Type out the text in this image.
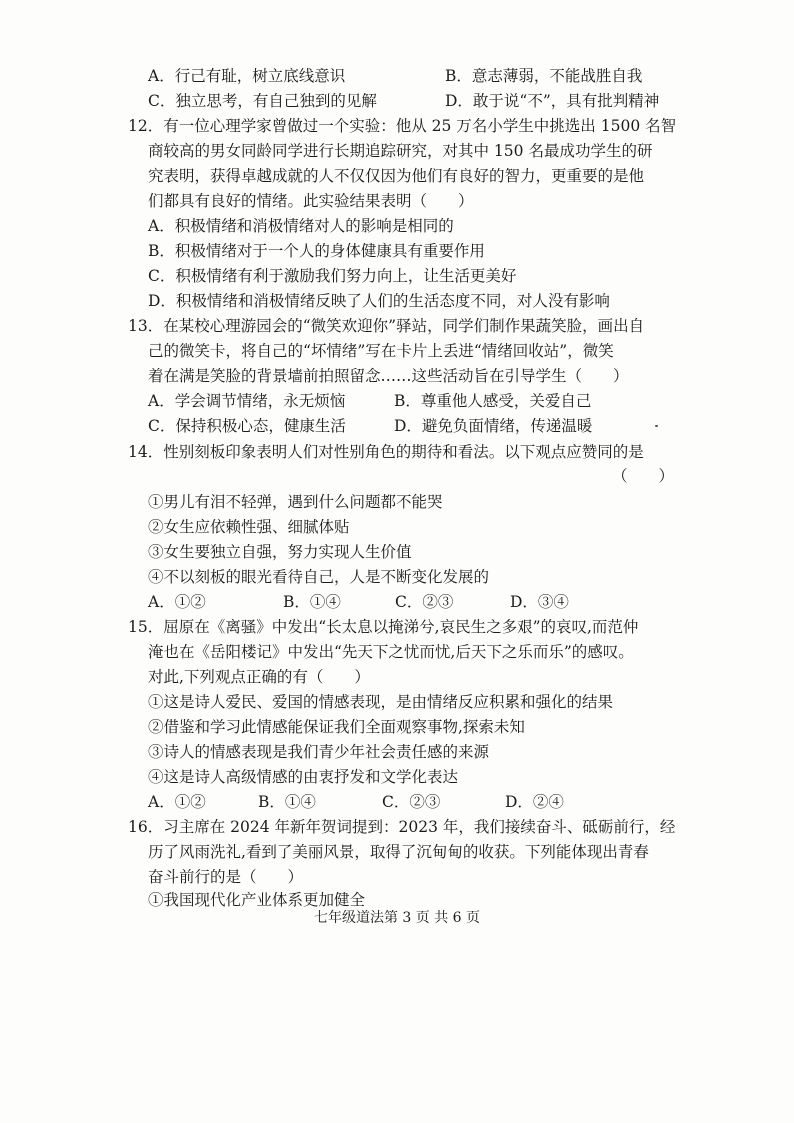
A．行己有耻，树立底线意识	B．意志薄弱，不能战胜自我
C．独立思考，有自己独到的见解	D．敢于说“不”，具有批判精神
12．有一位心理学家曾做过一个实验：他从 25 万名小学生中挑选出 1500 名智
商较高的男女同龄同学进行长期追踪研究，对其中 150 名最成功学生的研
究表明，获得卓越成就的人不仅仅因为他们有良好的智力，更重要的是他
们都具有良好的情绪。此实验结果表明（　　）
A．积极情绪和消极情绪对人的影响是相同的
B．积极情绪对于一个人的身体健康具有重要作用
C．积极情绪有利于激励我们努力向上，让生活更美好
D．积极情绪和消极情绪反映了人们的生活态度不同，对人没有影响
13．在某校心理游园会的“微笑欢迎你”驿站，同学们制作果蔬笑脸，画出自
己的微笑卡，将自己的“坏情绪”写在卡片上丢进“情绪回收站”，微笑
着在满是笑脸的背景墙前拍照留念……这些活动旨在引导学生（　　）
A．学会调节情绪，永无烦恼	B．尊重他人感受，关爱自己
C．保持积极心态，健康生活	D．避免负面情绪，传递温暖
14．性别刻板印象表明人们对性别角色的期待和看法。以下观点应赞同的是
（　　）
①男儿有泪不轻弹，遇到什么问题都不能哭
②女生应依赖性强、细腻体贴
③女生要独立自强，努力实现人生价值
④不以刻板的眼光看待自己，人是不断变化发展的
A．①②	B．①④	C．②③	D．③④
15．屈原在《离骚》中发出“长太息以掩涕兮,哀民生之多艰”的哀叹,而范仲
淹也在《岳阳楼记》中发出“先天下之忧而忧,后天下之乐而乐”的感叹。
对此,下列观点正确的有（　　）
①这是诗人爱民、爱国的情感表现，是由情绪反应积累和强化的结果
②借鉴和学习此情感能保证我们全面观察事物,探索未知
③诗人的情感表现是我们青少年社会责任感的来源
④这是诗人高级情感的由衷抒发和文学化表达
A．①②	B．①④	C．②③	D．②④
16．习主席在 2024 年新年贺词提到：2023 年，我们接续奋斗、砥砺前行，经
历了风雨洗礼,看到了美丽风景，取得了沉甸甸的收获。下列能体现出青春
奋斗前行的是（　　）
①我国现代化产业体系更加健全
七年级道法第 3 页 共 6 页
